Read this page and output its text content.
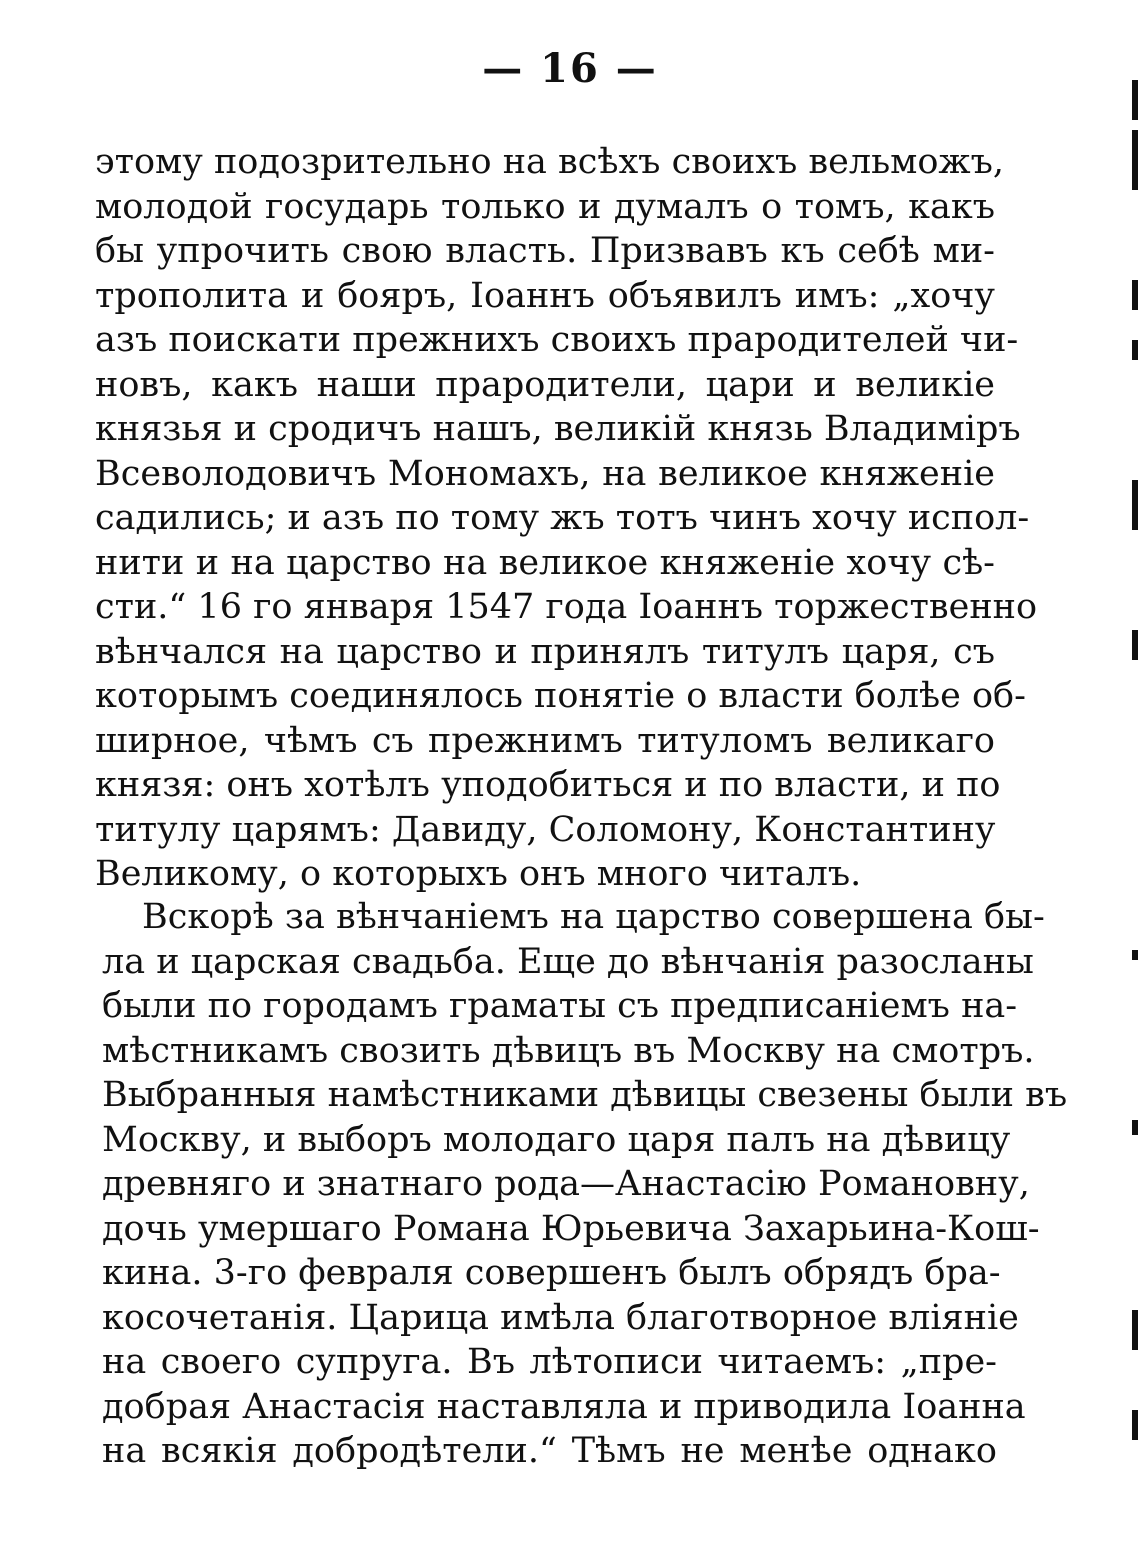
— 16 —
этому подозрительно на всѣхъ своихъ вельможъ,
молодой государь только и думалъ о томъ, какъ
бы упрочить свою власть. Призвавъ къ себѣ ми-
трополита и бояръ, Іоаннъ объявилъ имъ: „хочу
азъ поискати прежнихъ своихъ прародителей чи-
новъ, какъ наши прародители, цари и великіе
князья и сродичъ нашъ, великій князь Владиміръ
Всеволодовичъ Мономахъ, на великое княженіе
садились; и азъ по тому жъ тотъ чинъ хочу испол-
нити и на царство на великое княженіе хочу сѣ-
сти.“ 16 го января 1547 года Іоаннъ торжественно
вѣнчался на царство и принялъ титулъ царя, съ
которымъ соединялось понятіе о власти болѣе об-
ширное, чѣмъ съ прежнимъ титуломъ великаго
князя: онъ хотѣлъ уподобиться и по власти, и по
титулу царямъ: Давиду, Соломону, Константину
Великому, о которыхъ онъ много читалъ.
Вскорѣ за вѣнчаніемъ на царство совершена бы-
ла и царская свадьба. Еще до вѣнчанія разосланы
были по городамъ граматы съ предписаніемъ на-
мѣстникамъ свозить дѣвицъ въ Москву на смотръ.
Выбранныя намѣстниками дѣвицы свезены были въ
Москву, и выборъ молодаго царя палъ на дѣвицу
древняго и знатнаго рода—Анастасію Романовну,
дочь умершаго Романа Юрьевича Захарьина-Кош-
кина. 3-го февраля совершенъ былъ обрядъ бра-
косочетанія. Царица имѣла благотворное вліяніе
на своего супруга. Въ лѣтописи читаемъ: „пре-
добрая Анастасія наставляла и приводила Іоанна
на всякія добродѣтели.“ Тѣмъ не менѣе однако
